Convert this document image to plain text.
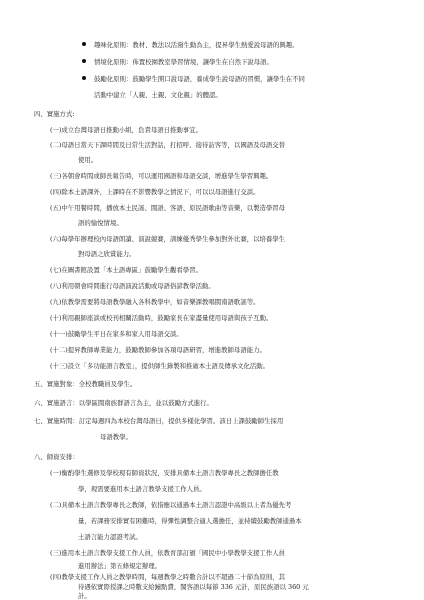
趣味化原則：教材、教法以活潑生動為主，提昇學生熱愛說母語的興趣。
情境化原則：佈置校園教室學習情境，讓學生在自然下說母語。
鼓勵化原則：鼓勵學生開口說母語，養成學生說母語的習慣，讓學生在不同
活動中建立「人親、土親、文化親」的體認。
四、實施方式:
(一)成立台灣母語日推動小組，負責母語日推動事宜。
(二)母語日當天下課時間及日常生活對話，打招呼、接待訪客等，以國語及母語交替
使用。
(三)各朝會時間或師長報告時，可以運用國語和母語交談，增進學生學習興趣。
(四)除本土語課外，上課時在不影響教學之情況下，可以以母語進行交談。
(五)中午用餐時間，播放本土民謠、閩語、客語、原民語歌曲等音樂，以製造學習母
語的愉悅情境。
(六)每學年辦理校內母語朗讀、演說競賽，訓練優秀學生參加對外比賽，以培養學生
對母語之欣賞能力。
(七)在圖書館設置「本土語專區」鼓勵學生觀看學習。
(八)利用朝會時間進行母語演說活動或母語俗諺教學活動。
(九)依教學需要將母語教學融入各科教學中，如音樂課教唱閩南語歌謠等。
(十)利用親師座談或校刊相關活動時，鼓勵家長在家盡量使用母語與孩子互動。
(十一)鼓勵學生平日在家多和家人用母語交談。
(十二)提昇教師專業能力，鼓勵教師參加各項母語研習，增進教師母語能力。
(十三)設立「多功能語言教室」，提供師生錄製和推廣本土語及傳承文化活動。
五、實施對象：全校教職員及學生。
六、實施語言：以學區閩南族群語言為主，並以鼓勵方式進行。
七、實施時間：訂定每週四為本校台灣母語日，提供多樣化學習。該日上課鼓勵師生採用
母語教學。
八、師資安排：
(一)衡酌學生選修及學校現有師資狀況，安排具備本土語言教學專長之教師擔任教
學，現需要進用本土語言教學支援工作人員。
(二)具備本土語言教學專長之教師，依指應以通過本土語言認證中高級以上者為優先考
量，若課務安排實有困難時，得彈性調整合適人選擔任，並持續鼓勵教師通過本
土語言能力認證考試。
(三)進用本土語言教學支援工作人員，依教育部訂頒「國民中小學教學支援工作人員
進用辦法」第五條規定辦理。
(四)教學支援工作人員之教學時間，每週教學之時數合計以不超過二十節為原則，其
待遇依實際授課之時數支給鐘點費，閩客語以每節 336 元計，原民族語以 360 元
計。
